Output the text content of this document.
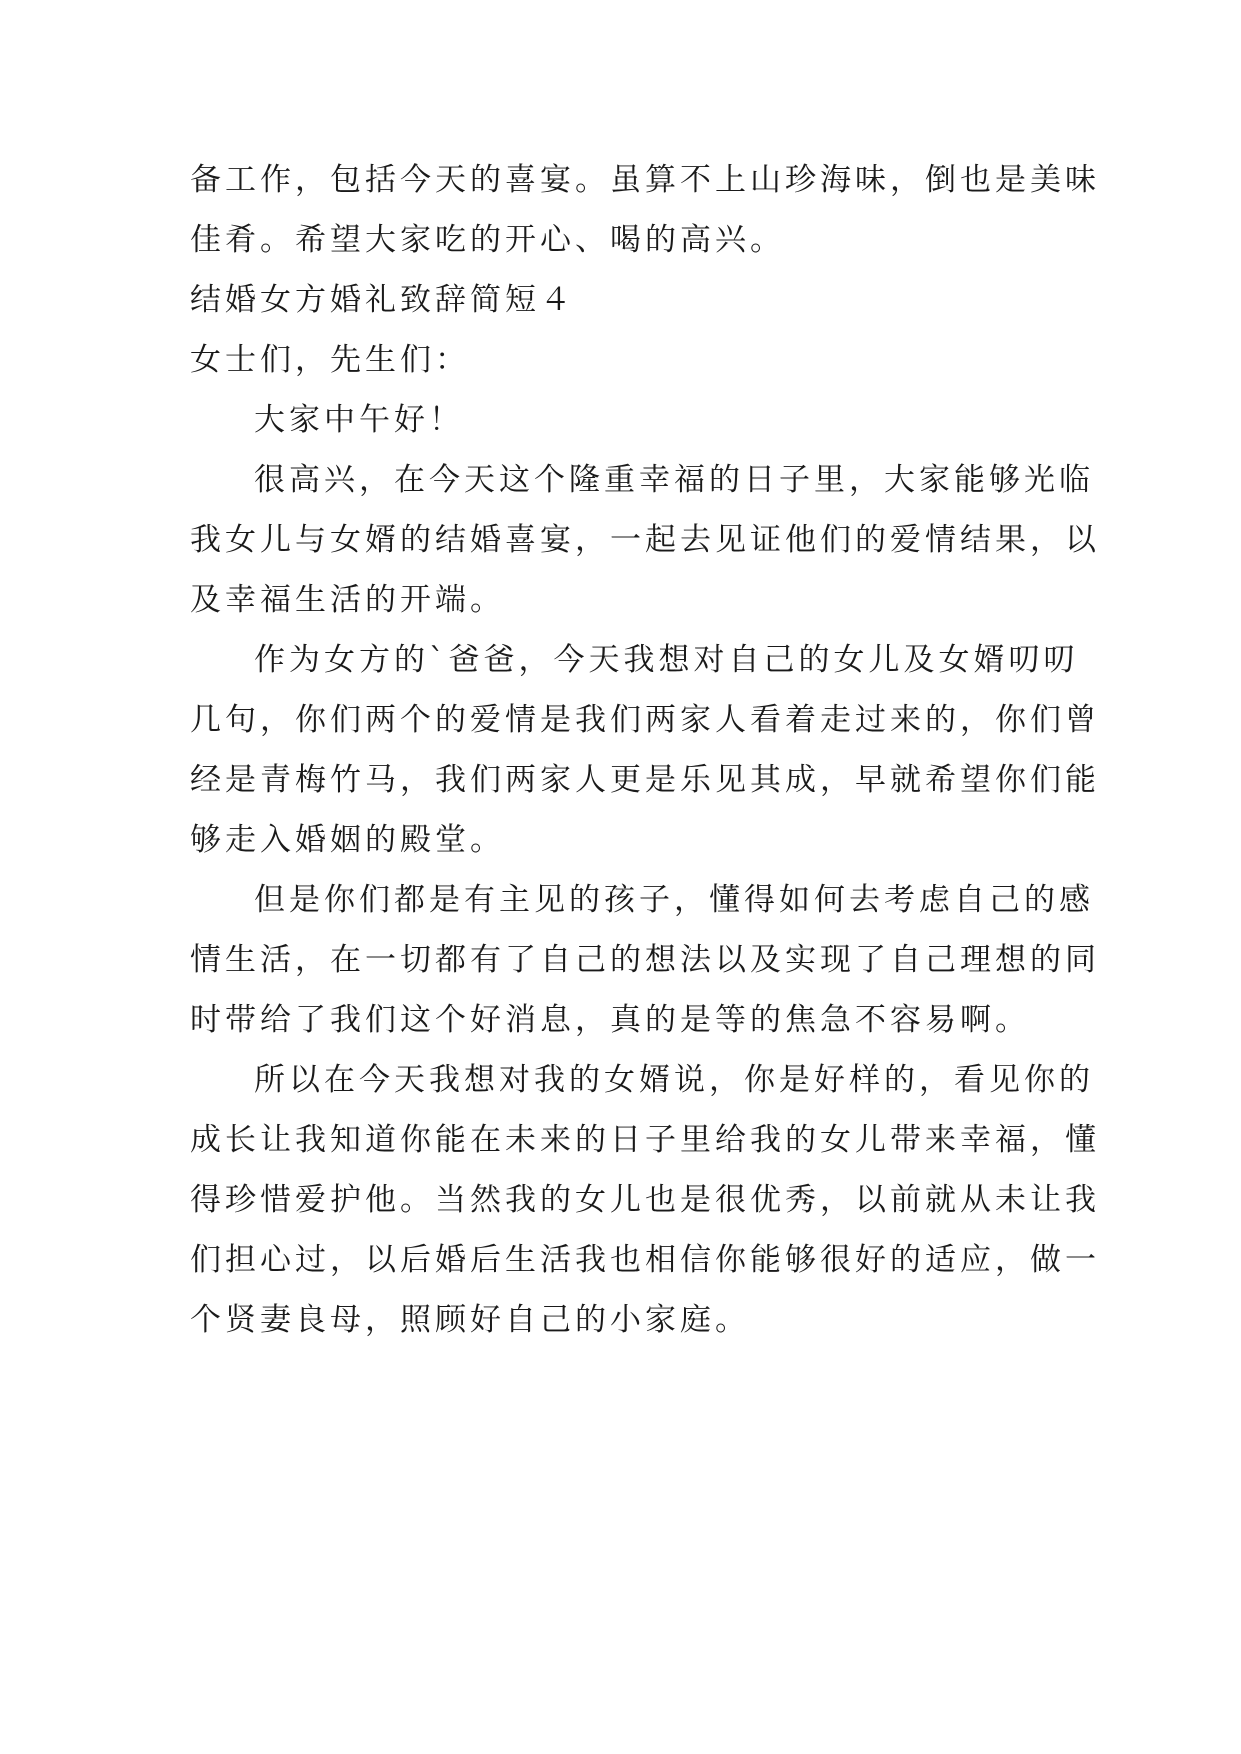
备工作，包括今天的喜宴。虽算不上山珍海味，倒也是美味
佳肴。希望大家吃的开心、喝的高兴。
结婚女方婚礼致辞简短４
女士们，先生们：
大家中午好！
很高兴，在今天这个隆重幸福的日子里，大家能够光临
我女儿与女婿的结婚喜宴，一起去见证他们的爱情结果，以
及幸福生活的开端。
作为女方的`爸爸，今天我想对自己的女儿及女婿叨叨
几句，你们两个的爱情是我们两家人看着走过来的，你们曾
经是青梅竹马，我们两家人更是乐见其成，早就希望你们能
够走入婚姻的殿堂。
但是你们都是有主见的孩子，懂得如何去考虑自己的感
情生活，在一切都有了自己的想法以及实现了自己理想的同
时带给了我们这个好消息，真的是等的焦急不容易啊。
所以在今天我想对我的女婿说，你是好样的，看见你的
成长让我知道你能在未来的日子里给我的女儿带来幸福，懂
得珍惜爱护他。当然我的女儿也是很优秀，以前就从未让我
们担心过，以后婚后生活我也相信你能够很好的适应，做一
个贤妻良母，照顾好自己的小家庭。
